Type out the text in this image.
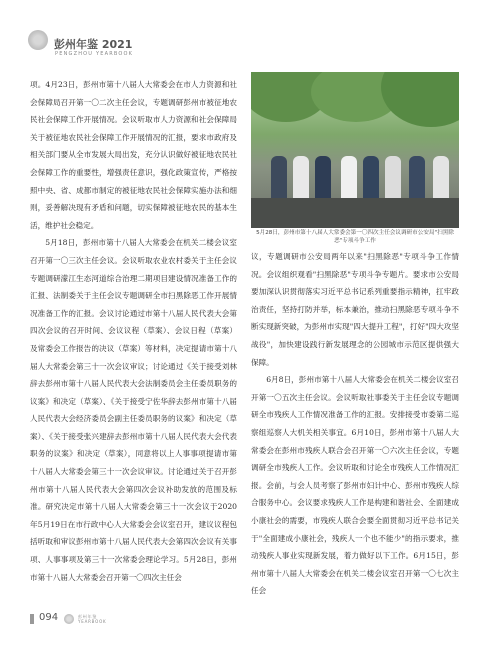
彭州年鉴 2021
PENGZHOU YEARBOOK

项。4月23日，彭州市第十八届人大常委会在市人力资源和社会保障局召开第一〇二次主任会议，专题调研彭州市被征地农民社会保障工作开展情况。会议听取市人力资源和社会保障局关于被征地农民社会保障工作开展情况的汇报，要求市政府及相关部门要从全市发展大局出发，充分认识做好被征地农民社会保障工作的重要性，增强责任意识，强化政策宣传，严格按照中央、省、成都市制定的被征地农民社会保障实施办法和细则，妥善解决现有矛盾和问题，切实保障被征地农民的基本生活，维护社会稳定。

5月18日，彭州市第十八届人大常委会在机关二楼会议室召开第一〇三次主任会议。会议听取农业农村委关于主任会议专题调研濛江生态河道综合治理二期项目建设情况准备工作的汇报、法制委关于主任会议专题调研全市扫黑除恶工作开展情况准备工作的汇报。会议讨论通过市第十八届人民代表大会第四次会议的召开时间、会议议程（草案）、会议日程（草案）及常委会工作报告的决议（草案）等材料，决定提请市第十八届人大常委会第三十一次会议审议；讨论通过《关于接受刘林辞去彭州市第十八届人民代表大会法制委员会主任委员职务的议案》和决定（草案）、《关于接受宁佐华辞去彭州市第十八届人民代表大会经济委员会副主任委员职务的议案》和决定（草案）、《关于接受张兴建辞去彭州市第十八届人民代表大会代表职务的议案》和决定（草案），同意将以上人事事项提请市第十八届人大常委会第三十一次会议审议。讨论通过关于召开彭州市第十八届人民代表大会第四次会议补助发放的范围及标准。研究决定市第十八届人大常委会第三十一次会议于2020年5月19日在市行政中心人大常委会会议室召开，建议议程包括听取和审议彭州市第十八届人民代表大会第四次会议有关事项、人事事项及第三十一次常委会理论学习。5月28日，彭州市第十八届人大常委会召开第一〇四次主任会

5月28日，彭州市第十八届人大常委会第一〇四次主任会议调研市公安局"扫黑除恶"专项斗争工作

议，专题调研市公安局两年以来"扫黑除恶"专项斗争工作情况。会议组织观看"扫黑除恶"专项斗争专题片。要求市公安局要加深认识贯彻落实习近平总书记系列重要指示精神，扛牢政治责任，坚持打防并举，标本兼治，推动扫黑除恶专项斗争不断实现新突破，为彭州市实现"四大提升工程"，打好"四大攻坚战役"，加快建设践行新发展理念的公园城市示范区提供强大保障。

6月8日，彭州市第十八届人大常委会在机关二楼会议室召开第一〇五次主任会议。会议听取社事委关于主任会议专题调研全市残疾人工作情况准备工作的汇报。安排接受市委第二巡察组巡察人大机关相关事宜。6月10日，彭州市第十八届人大常委会在彭州市残疾人联合会召开第一〇六次主任会议，专题调研全市残疾人工作。会议听取和讨论全市残疾人工作情况汇报。会前，与会人员考察了彭州市妇计中心、彭州市残疾人综合服务中心。会议要求残疾人工作是构建和谐社会、全面建成小康社会的需要，市残疾人联合会要全面贯彻习近平总书记关于"全面建成小康社会，残疾人一个也不能少"的指示要求，推动残疾人事业实现新发展，着力做好以下工作。6月15日，彭州市第十八届人大常委会在机关二楼会议室召开第一〇七次主任会

094	彭州年鉴
YEARBOOK
